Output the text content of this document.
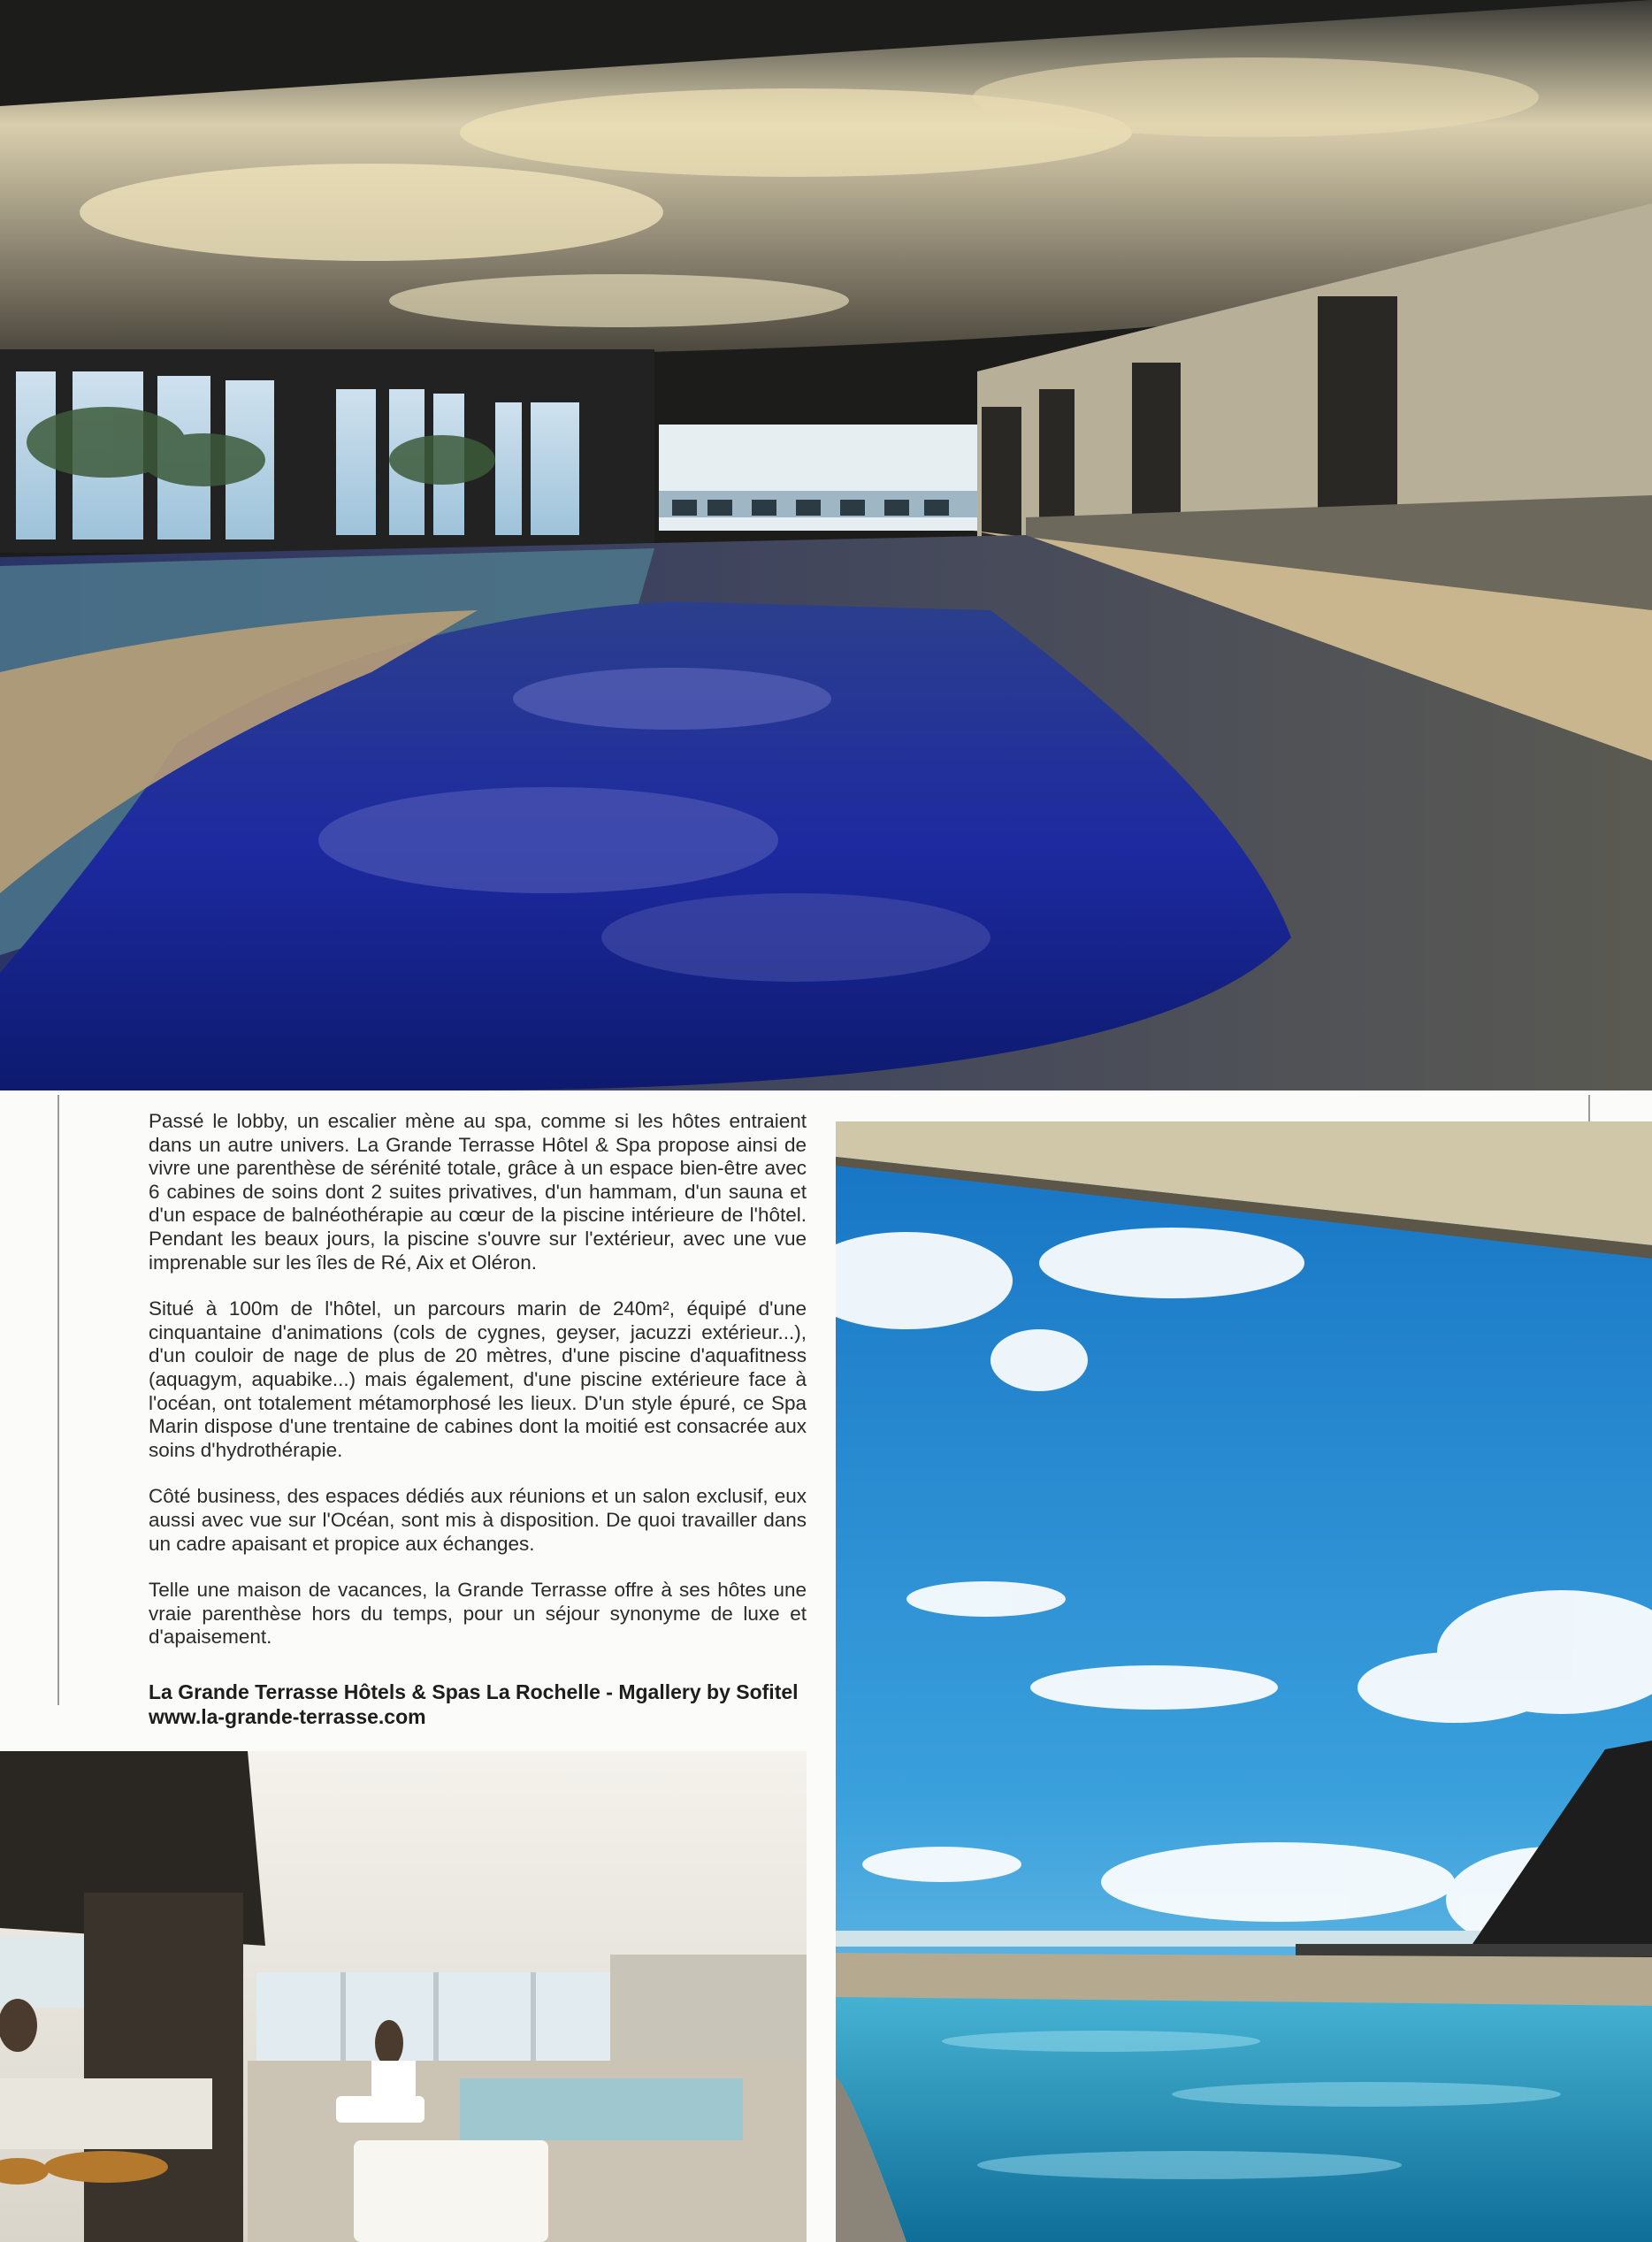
Passé le lobby, un escalier mène au spa, comme si les hôtes entraient dans un autre univers. La Grande Terrasse Hôtel & Spa propose ainsi de vivre une parenthèse de sérénité totale, grâce à un espace bien-être avec 6 cabines de soins dont 2 suites privatives, d'un hammam, d'un sauna et d'un espace de balnéothérapie au cœur de la piscine intérieure de l'hôtel. Pendant les beaux jours, la piscine s'ouvre sur l'extérieur, avec une vue imprenable sur les îles de Ré, Aix et Oléron.

Situé à 100m de l'hôtel, un parcours marin de 240m², équipé d'une cinquantaine d'animations (cols de cygnes, geyser, jacuzzi extérieur...), d'un couloir de nage de plus de 20 mètres, d'une piscine d'aquafitness (aquagym, aquabike...) mais également, d'une piscine extérieure face à l'océan, ont totalement métamorphosé les lieux. D'un style épuré, ce Spa Marin dispose d'une trentaine de cabines dont la moitié est consacrée aux soins d'hydrothérapie.

Côté business, des espaces dédiés aux réunions et un salon exclusif, eux aussi avec vue sur l'Océan, sont mis à disposition. De quoi travailler dans un cadre apaisant et propice aux échanges.

Telle une maison de vacances, la Grande Terrasse offre à ses hôtes une vraie parenthèse hors du temps, pour un séjour synonyme de luxe et d'apaisement.

La Grande Terrasse Hôtels & Spas La Rochelle - Mgallery by Sofitel
www.la-grande-terrasse.com
